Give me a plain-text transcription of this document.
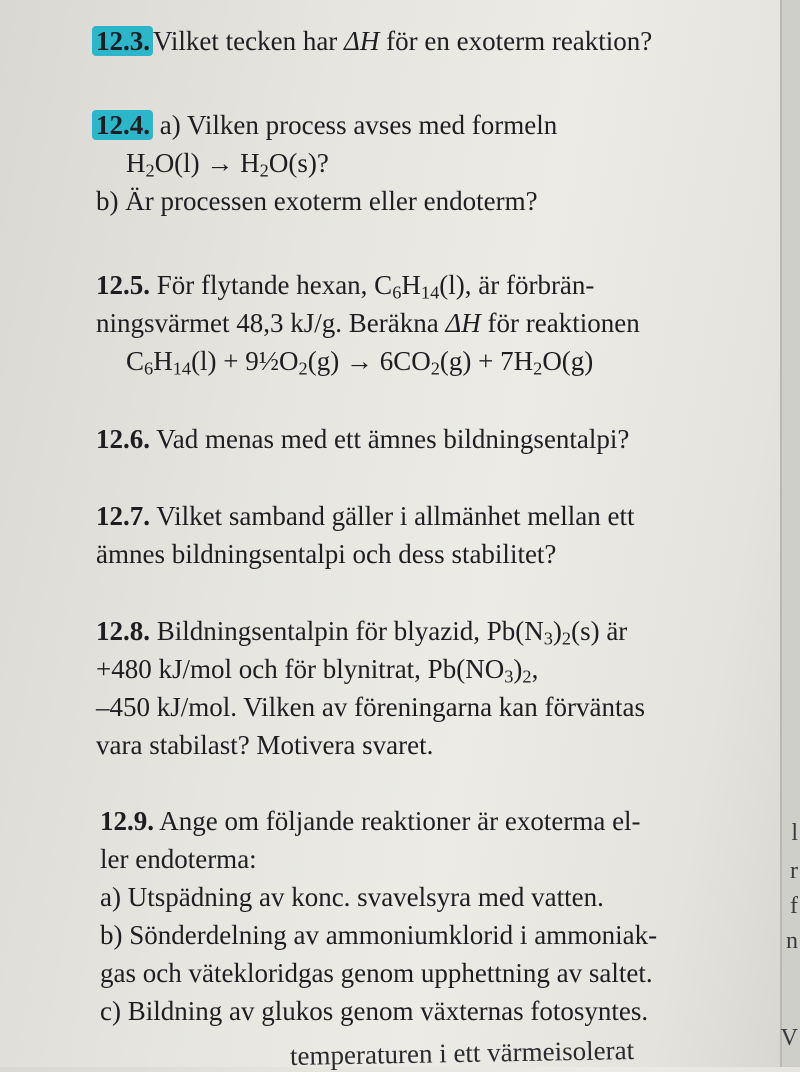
l
r
f
n
V
12.3. Vilket tecken har ΔH för en exoterm reaktion?
12.4. a) Vilken process avses med formeln
$H_2O(l) \to H_2O(s)$?
b) Är processen exoterm eller endoterm?
12.5. För flytande hexan, $C_6H_{14}(l)$, är förbrän-
ningsvärmet 48,3 kJ/g. Beräkna ΔH för reaktionen
$C_6H_{14}(l)$ + $9\frac{1}{2}O_2(g) \to 6CO_2(g) + 7H_2O(g)$
12.6. Vad menas med ett ämnes bildningsentalpi?
12.7. Vilket samband gäller i allmänhet mellan ett
ämnes bildningsentalpi och dess stabilitet?
12.8. Bildningsentalpin för blyazid, $Pb(N_3)_2(s)$ är
+480 kJ/mol och för blynitrat, $Pb(NO_3)_2$,
–450 kJ/mol. Vilken av föreningarna kan förväntas
vara stabilast? Motivera svaret.
12.9. Ange om följande reaktioner är exoterma el-
ler endoterma:
a) Utspädning av konc. svavelsyra med vatten.
b) Sönderdelning av ammoniumklorid i ammoniak-
gas och vätekloridgas genom upphettning av saltet.
c) Bildning av glukos genom växternas fotosyntes.
temperaturen i ett värmeisolerat
